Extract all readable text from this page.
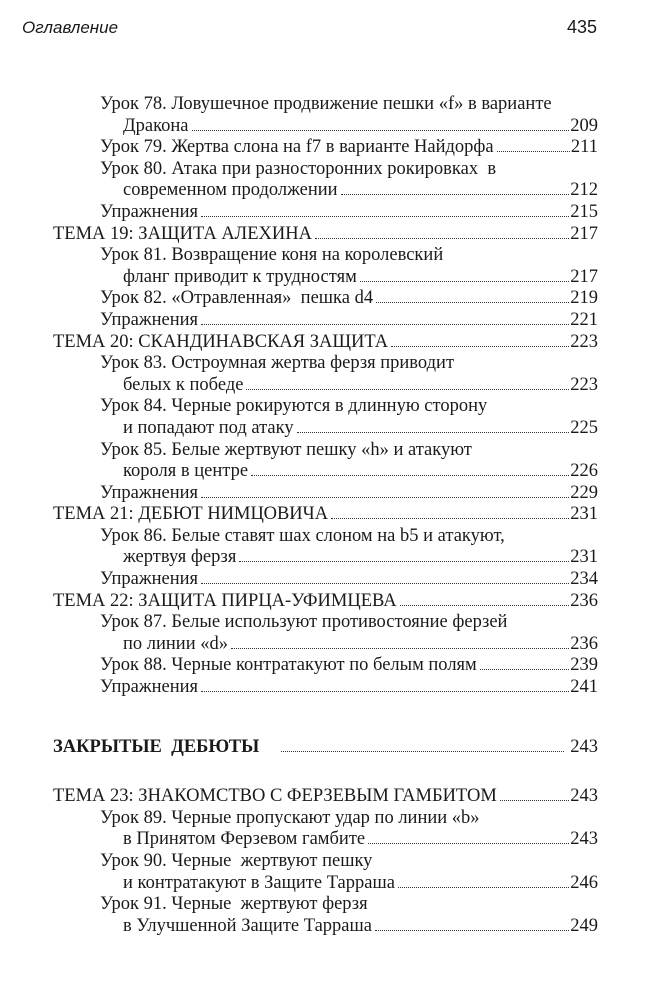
Оглавление	435
Урок 78. Ловушечное продвижение пешки «f» в варианте
Дракона	209
Урок 79. Жертва слона на f7 в варианте Найдорфа	211
Урок 80. Атака при разносторонних рокировках  в
современном продолжении	212
Упражнения	215
ТЕМА 19: ЗАЩИТА АЛЕХИНА	217
Урок 81. Возвращение коня на королевский
фланг приводит к трудностям	217
Урок 82. «Отравленная»  пешка d4	219
Упражнения	221
ТЕМА 20: СКАНДИНАВСКАЯ ЗАЩИТА	223
Урок 83. Остроумная жертва ферзя приводит
белых к победе	223
Урок 84. Черные рокируются в длинную сторону
и попадают под атаку	225
Урок 85. Белые жертвуют пешку «h» и атакуют
короля в центре	226
Упражнения	229
ТЕМА 21: ДЕБЮТ НИМЦОВИЧА	231
Урок 86. Белые ставят шах слоном на b5 и атакуют,
жертвуя ферзя	231
Упражнения	234
ТЕМА 22: ЗАЩИТА ПИРЦА-УФИМЦЕВА	236
Урок 87. Белые используют противостояние ферзей
по линии «d»	236
Урок 88. Черные контратакуют по белым полям	239
Упражнения	241
ЗАКРЫТЫЕ  ДЕБЮТЫ	243
ТЕМА 23: ЗНАКОМСТВО С ФЕРЗЕВЫМ ГАМБИТОМ	243
Урок 89. Черные пропускают удар по линии «b»
в Принятом Ферзевом гамбите	243
Урок 90. Черные  жертвуют пешку
и контратакуют в Защите Тарраша	246
Урок 91. Черные  жертвуют ферзя
в Улучшенной Защите Тарраша	249
